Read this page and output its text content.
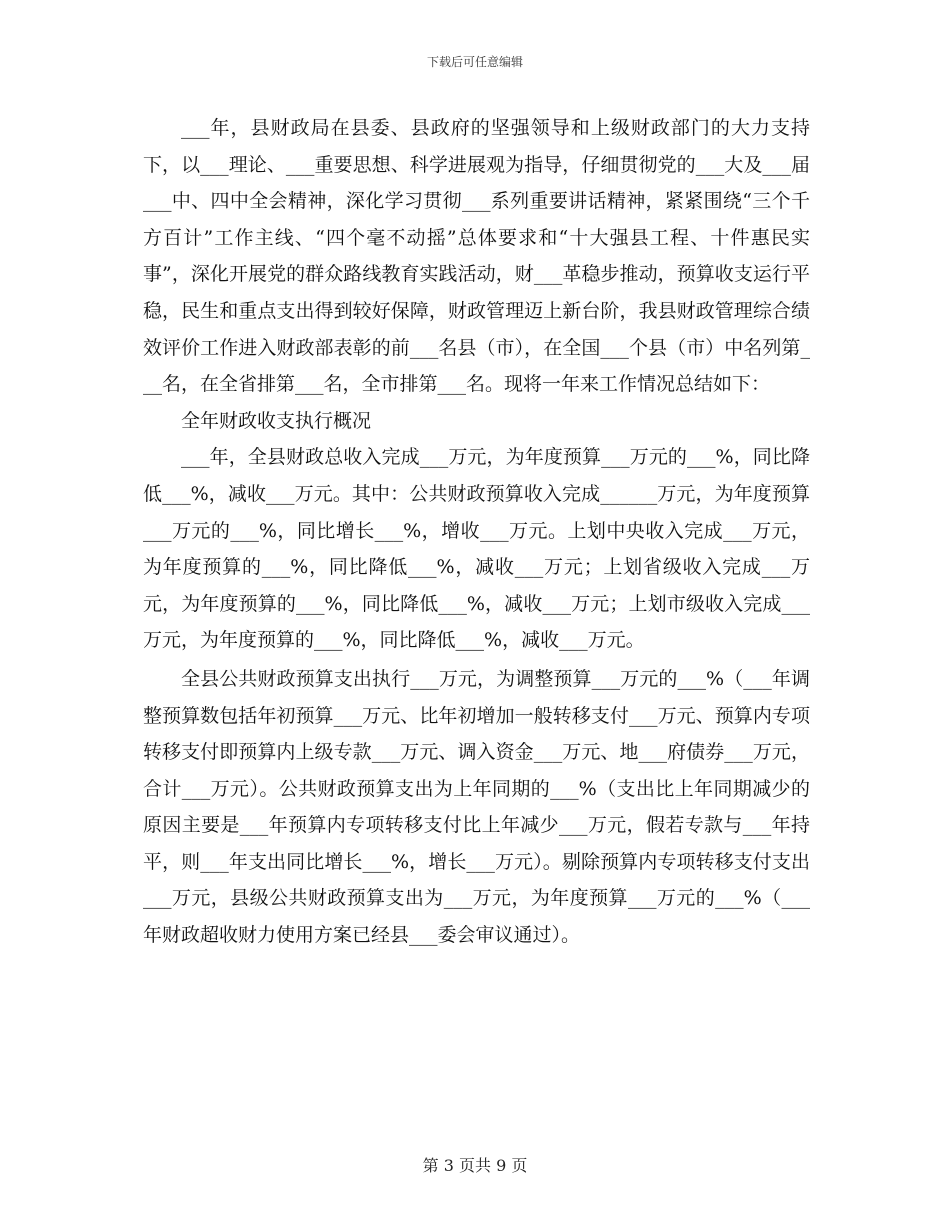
下载后可任意编辑

___年，县财政局在县委、县政府的坚强领导和上级财政部门的大力支持下，以___理论、___重要思想、科学进展观为指导，仔细贯彻党的___大及___届___中、四中全会精神，深化学习贯彻___系列重要讲话精神，紧紧围绕“三个千方百计”工作主线、“四个毫不动摇”总体要求和“十大强县工程、十件惠民实事”，深化开展党的群众路线教育实践活动，财___革稳步推动，预算收支运行平稳，民生和重点支出得到较好保障，财政管理迈上新台阶，我县财政管理综合绩效评价工作进入财政部表彰的前___名县（市），在全国___个县（市）中名列第___名，在全省排第___名，全市排第___名。现将一年来工作情况总结如下：

全年财政收支执行概况

___年，全县财政总收入完成___万元，为年度预算___万元的___%，同比降低___%，减收___万元。其中：公共财政预算收入完成______万元，为年度预算___万元的___%，同比增长___%，增收___万元。上划中央收入完成___万元，为年度预算的___%，同比降低___%，减收___万元；上划省级收入完成___万元，为年度预算的___%，同比降低___%，减收___万元；上划市级收入完成___万元，为年度预算的___%，同比降低___%，减收___万元。

全县公共财政预算支出执行___万元，为调整预算___万元的___%（___年调整预算数包括年初预算___万元、比年初增加一般转移支付___万元、预算内专项转移支付即预算内上级专款___万元、调入资金___万元、地___府债券___万元，合计___万元）。公共财政预算支出为上年同期的___%（支出比上年同期减少的原因主要是___年预算内专项转移支付比上年减少___万元，假若专款与___年持平，则___年支出同比增长___%，增长___万元）。剔除预算内专项转移支付支出___万元，县级公共财政预算支出为___万元，为年度预算___万元的___%（___年财政超收财力使用方案已经县___委会审议通过）。

第 3 页共 9 页
